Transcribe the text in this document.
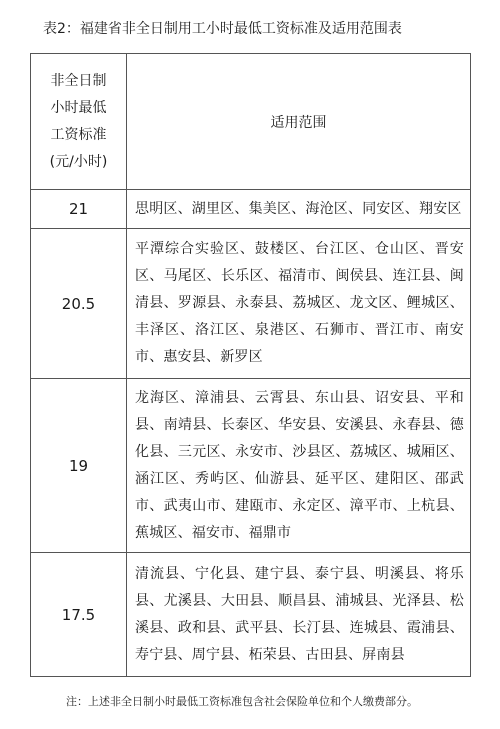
表2：福建省非全日制用工小时最低工资标准及适用范围表
非全日制
小时最低
工资标准
(元/小时)	适用范围
21	思明区、湖里区、集美区、海沧区、同安区、翔安区
20.5	平潭综合实验区、鼓楼区、台江区、仓山区、晋安区、马尾区、长乐区、福清市、闽侯县、连江县、闽清县、罗源县、永泰县、荔城区、龙文区、鲤城区、丰泽区、洛江区、泉港区、石狮市、晋江市、南安市、惠安县、新罗区
19	龙海区、漳浦县、云霄县、东山县、诏安县、平和县、南靖县、长泰区、华安县、安溪县、永春县、德化县、三元区、永安市、沙县区、荔城区、城厢区、涵江区、秀屿区、仙游县、延平区、建阳区、邵武市、武夷山市、建瓯市、永定区、漳平市、上杭县、蕉城区、福安市、福鼎市
17.5	清流县、宁化县、建宁县、泰宁县、明溪县、将乐县、尤溪县、大田县、顺昌县、浦城县、光泽县、松溪县、政和县、武平县、长汀县、连城县、霞浦县、寿宁县、周宁县、柘荣县、古田县、屏南县
注：上述非全日制小时最低工资标准包含社会保险单位和个人缴费部分。
